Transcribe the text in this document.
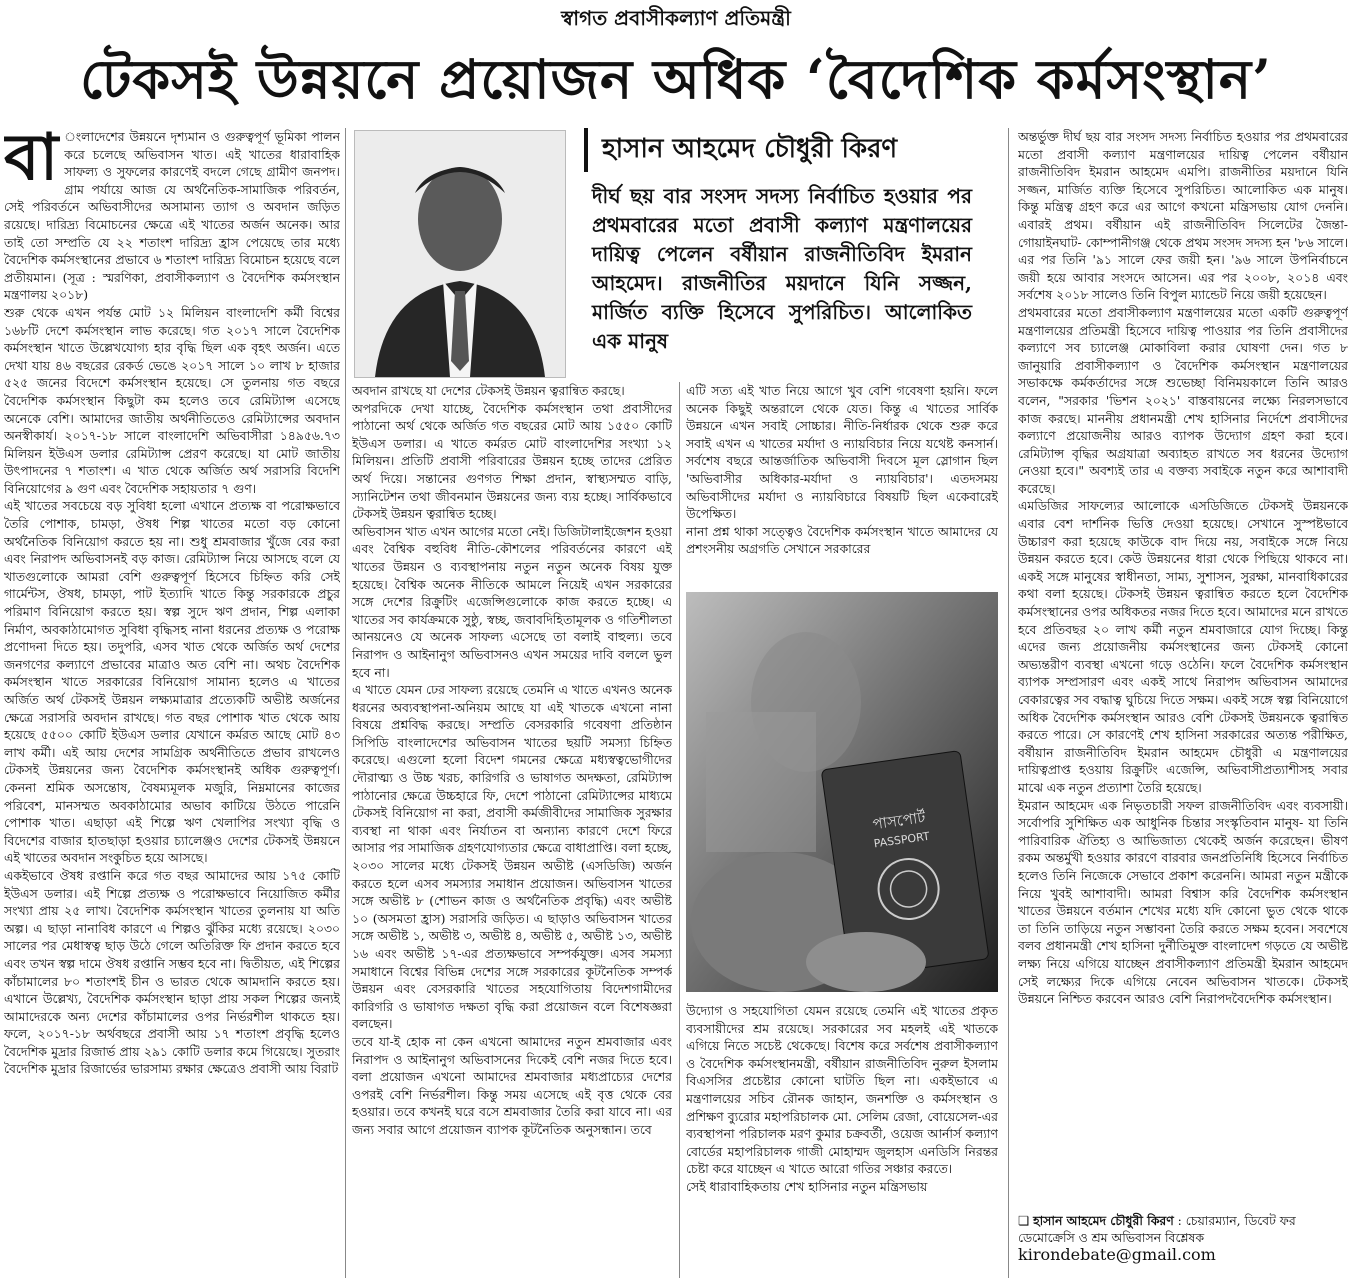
স্বাগত প্রবাসীকল্যাণ প্রতিমন্ত্রী
টেকসই উন্নয়নে প্রয়োজন অধিক ‘বৈদেশিক কর্মসংস্থান’
বা ংলাদেশের উন্নয়নে দৃশ্যমান ও গুরুত্বপূর্ণ ভূমিকা পালন করে চলেছে অভিবাসন খাত। এই খাতের ধারাবাহিক সাফল্য ও সুফলের কারণেই বদলে গেছে গ্রামীণ জনপদ। গ্রাম পর্যায়ে আজ যে অর্থনৈতিক-সামাজিক পরিবর্তন, সেই পরিবর্তনে অভিবাসীদের অসামান্য ত্যাগ ও অবদান জড়িত রয়েছে। দারিদ্র্য বিমোচনের ক্ষেত্রে এই খাতের অর্জন অনেক। আর তাই তো সম্প্রতি যে ২২ শতাংশ দারিদ্র্য হ্রাস পেয়েছে তার মধ্যে বৈদেশিক কর্মসংস্থানের প্রভাবে ৬ শতাংশ দারিদ্র্য বিমোচন হয়েছে বলে প্রতীয়মান। (সূত্র : স্মরণিকা, প্রবাসীকল্যাণ ও বৈদেশিক কর্মসংস্থান মন্ত্রণালয় ২০১৮)

শুরু থেকে এখন পর্যন্ত মোট ১২ মিলিয়ন বাংলাদেশি কর্মী বিশ্বের ১৬৮টি দেশে কর্মসংস্থান লাভ করেছে। গত ২০১৭ সালে বৈদেশিক কর্মসংস্থান খাতে উল্লেখযোগ্য হার বৃদ্ধি ছিল এক বৃহৎ অর্জন। এতে দেখা যায় ৪৬ বছরের রেকর্ড ভেঙে ২০১৭ সালে ১০ লাখ ৮ হাজার ৫২৫ জনের বিদেশে কর্মসংস্থান হয়েছে। সে তুলনায় গত বছরে বৈদেশিক কর্মসংস্থান কিছুটা কম হলেও তবে রেমিট্যান্স এসেছে অনেকে বেশি। আমাদের জাতীয় অর্থনীতিতেও রেমিট্যান্সের অবদান অনস্বীকার্য। ২০১৭-১৮ সালে বাংলাদেশি অভিবাসীরা ১৪৯৫৬.৭৩ মিলিয়ন ইউএস ডলার রেমিট্যান্স প্রেরণ করেছে। যা মোট জাতীয় উৎপাদনের ৭ শতাংশ। এ খাত থেকে অর্জিত অর্থ সরাসরি বিদেশি বিনিয়োগের ৯ গুণ এবং বৈদেশিক সহায়তার ৭ গুণ।

এই খাতের সবচেয়ে বড় সুবিধা হলো এখানে প্রত্যক্ষ বা পরোক্ষভাবে তৈরি পোশাক, চামড়া, ঔষধ শিল্প খাতের মতো বড় কোনো অর্থনৈতিক বিনিয়োগ করতে হয় না। শুধু শ্রমবাজার খুঁজে বের করা এবং নিরাপদ অভিবাসনই বড় কাজ। রেমিট্যান্স নিয়ে আসছে বলে যে খাতগুলোকে আমরা বেশি গুরুত্বপূর্ণ হিসেবে চিহ্নিত করি সেই গার্মেন্টস, ঔষধ, চামড়া, পাট ইত্যাদি খাতে কিন্তু সরকারকে প্রচুর পরিমাণ বিনিয়োগ করতে হয়। স্বল্প সুদে ঋণ প্রদান, শিল্প এলাকা নির্মাণ, অবকাঠামোগত সুবিধা বৃদ্ধিসহ নানা ধরনের প্রত্যক্ষ ও পরোক্ষ প্রণোদনা দিতে হয়। তদুপরি, এসব খাত থেকে অর্জিত অর্থ দেশের জনগণের কল্যাণে প্রভাবের মাত্রাও অত বেশি না। অথচ বৈদেশিক কর্মসংস্থান খাতে সরকারের বিনিয়োগ সামান্য হলেও এ খাতের অর্জিত অর্থ টেকসই উন্নয়ন লক্ষ্যমাত্রার প্রত্যেকটি অভীষ্ট অর্জনের ক্ষেত্রে সরাসরি অবদান রাখছে। গত বছর পোশাক খাত থেকে আয় হয়েছে ৫৫০০ কোটি ইউএস ডলার যেখানে কর্মরত আছে মোট ৪৩ লাখ কর্মী। এই আয় দেশের সামগ্রিক অর্থনীতিতে প্রভাব রাখলেও টেকসই উন্নয়নের জন্য বৈদেশিক কর্মসংস্থানই অধিক গুরুত্বপূর্ণ। কেননা শ্রমিক অসন্তোষ, বৈষম্যমূলক মজুরি, নিম্নমানের কাজের পরিবেশ, মানসম্মত অবকাঠামোর অভাব কাটিয়ে উঠতে পারেনি পোশাক খাত। এছাড়া এই শিল্পে ঋণ খেলাপির সংখ্যা বৃদ্ধি ও বিদেশের বাজার হাতছাড়া হওয়ার চ্যালেঞ্জও দেশের টেকসই উন্নয়নে এই খাতের অবদান সংকুচিত হয়ে আসছে।

একইভাবে ঔষধ রপ্তানি করে গত বছর আমাদের আয় ১৭৫ কোটি ইউএস ডলার। এই শিল্পে প্রত্যক্ষ ও পরোক্ষভাবে নিয়োজিত কর্মীর সংখ্যা প্রায় ২৫ লাখ। বৈদেশিক কর্মসংস্থান খাতের তুলনায় যা অতি অল্প। এ ছাড়া নানাবিধ কারণে এ শিল্পও ঝুঁকির মধ্যে রয়েছে। ২০৩০ সালের পর মেধাস্বত্ব ছাড় উঠে গেলে অতিরিক্ত ফি প্রদান করতে হবে এবং তখন স্বল্প দামে ঔষধ রপ্তানি সম্ভব হবে না। দ্বিতীয়ত, এই শিল্পের কাঁচামালের ৮০ শতাংশই চীন ও ভারত থেকে আমদানি করতে হয়। এখানে উল্লেখ্য, বৈদেশিক কর্মসংস্থান ছাড়া প্রায় সকল শিল্পের জন্যই আমাদেরকে অন্য দেশের কাঁচামালের ওপর নির্ভরশীল থাকতে হয়। ফলে, ২০১৭-১৮ অর্থবছরে প্রবাসী আয় ১৭ শতাংশ প্রবৃদ্ধি হলেও বৈদেশিক মুদ্রার রিজার্ভ প্রায় ২৯১ কোটি ডলার কমে গিয়েছে। সুতরাং বৈদেশিক মুদ্রার রিজার্ভের ভারসাম্য রক্ষার ক্ষেত্রেও প্রবাসী আয় বিরাট

হাসান আহমেদ চৌধুরী কিরণ
দীর্ঘ ছয় বার সংসদ সদস্য নির্বাচিত হওয়ার পর প্রথমবারের মতো প্রবাসী কল্যাণ মন্ত্রণালয়ের দায়িত্ব পেলেন বর্ষীয়ান রাজনীতিবিদ ইমরান আহমেদ। রাজনীতির ময়দানে যিনি সজ্জন, মার্জিত ব্যক্তি হিসেবে সুপরিচিত। আলোকিত এক মানুষ

অবদান রাখছে যা দেশের টেকসই উন্নয়ন ত্বরান্বিত করছে।

অপরদিকে দেখা যাচ্ছে, বৈদেশিক কর্মসংস্থান তথা প্রবাসীদের পাঠানো অর্থ থেকে অর্জিত গত বছরের মোট আয় ১৫৫০ কোটি ইউএস ডলার। এ খাতে কর্মরত মোট বাংলাদেশির সংখ্যা ১২ মিলিয়ন। প্রতিটি প্রবাসী পরিবারের উন্নয়ন হচ্ছে তাদের প্রেরিত অর্থ দিয়ে। সন্তানের গুণগত শিক্ষা প্রদান, স্বাস্থ্যসম্মত বাড়ি, স্যানিটেশন তথা জীবনমান উন্নয়নের জন্য ব্যয় হচ্ছে। সার্বিকভাবে টেকসই উন্নয়ন ত্বরান্বিত হচ্ছে।

অভিবাসন খাত এখন আগের মতো নেই। ডিজিটালাইজেশন হওয়া এবং বৈশ্বিক বহুবিধ নীতি-কৌশলের পরিবর্তনের কারণে এই খাতের উন্নয়ন ও ব্যবস্থাপনায় নতুন নতুন অনেক বিষয় যুক্ত হয়েছে। বৈশ্বিক অনেক নীতিকে আমলে নিয়েই এখন সরকারের সঙ্গে দেশের রিক্রুটিং এজেন্সিগুলোকে কাজ করতে হচ্ছে। এ খাতের সব কার্যক্রমকে সুষ্ঠু, স্বচ্ছ, জবাবদিহিতামূলক ও গতিশীলতা আনয়নেও যে অনেক সাফল্য এসেছে তা বলাই বাহুল্য। তবে নিরাপদ ও আইনানুগ অভিবাসনও এখন সময়ের দাবি বললে ভুল হবে না।

এ খাতে যেমন ঢের সাফল্য রয়েছে তেমনি এ খাতে এখনও অনেক ধরনের অব্যবস্থাপনা-অনিয়ম আছে যা এই খাতকে এখনো নানা বিষয়ে প্রশ্নবিদ্ধ করছে। সম্প্রতি বেসরকারি গবেষণা প্রতিষ্ঠান সিপিডি বাংলাদেশের অভিবাসন খাতের ছয়টি সমস্যা চিহ্নিত করেছে। এগুলো হলো বিদেশ গমনের ক্ষেত্রে মধ্যস্বত্বভোগীদের দৌরাত্ম্য ও উচ্চ খরচ, কারিগরি ও ভাষাগত অদক্ষতা, রেমিট্যান্স পাঠানোর ক্ষেত্রে উচ্চহারে ফি, দেশে পাঠানো রেমিট্যান্সের মাধ্যমে টেকসই বিনিয়োগ না করা, প্রবাসী কর্মজীবীদের সামাজিক সুরক্ষার ব্যবস্থা না থাকা এবং নির্যাতন বা অন্যান্য কারণে দেশে ফিরে আসার পর সামাজিক গ্রহণযোগ্যতার ক্ষেত্রে বাধাপ্রাপ্তি। বলা হচ্ছে, ২০৩০ সালের মধ্যে টেকসই উন্নয়ন অভীষ্ট (এসডিজি) অর্জন করতে হলে এসব সমস্যার সমাধান প্রয়োজন। অভিবাসন খাতের সঙ্গে অভীষ্ট ৮ (শোভন কাজ ও অর্থনৈতিক প্রবৃদ্ধি) এবং অভীষ্ট ১০ (অসমতা হ্রাস) সরাসরি জড়িত। এ ছাড়াও অভিবাসন খাতের সঙ্গে অভীষ্ট ১, অভীষ্ট ৩, অভীষ্ট ৪, অভীষ্ট ৫, অভীষ্ট ১৩, অভীষ্ট ১৬ এবং অভীষ্ট ১৭-এর প্রত্যক্ষভাবে সম্পর্কযুক্ত। এসব সমস্যা সমাধানে বিশ্বের বিভিন্ন দেশের সঙ্গে সরকারের কূটনৈতিক সম্পর্ক উন্নয়ন এবং বেসরকারি খাতের সহযোগিতায় বিদেশগামীদের কারিগরি ও ভাষাগত দক্ষতা বৃদ্ধি করা প্রয়োজন বলে বিশেষজ্ঞরা বলছেন।

তবে যা-ই হোক না কেন এখনো আমাদের নতুন শ্রমবাজার এবং নিরাপদ ও আইনানুগ অভিবাসনের দিকেই বেশি নজর দিতে হবে। বলা প্রয়োজন এখনো আমাদের শ্রমবাজার মধ্যপ্রাচ্যের দেশের ওপরই বেশি নির্ভরশীল। কিন্তু সময় এসেছে এই বৃত্ত থেকে বের হওয়ার। তবে কখনই ঘরে বসে শ্রমবাজার তৈরি করা যাবে না। এর জন্য সবার আগে প্রয়োজন ব্যাপক কূটনৈতিক অনুসন্ধান। তবে

এটি সত্য এই খাত নিয়ে আগে খুব বেশি গবেষণা হয়নি। ফলে অনেক কিছুই অন্তরালে থেকে যেত। কিন্তু এ খাতের সার্বিক উন্নয়নে এখন সবাই সোচ্চার। নীতি-নির্ধারক থেকে শুরু করে সবাই এখন এ খাতের মর্যাদা ও ন্যায়বিচার নিয়ে যথেষ্ট কনসার্ন। সর্বশেষ বছরে আন্তর্জাতিক অভিবাসী দিবসে মূল স্লোগান ছিল 'অভিবাসীর অধিকার-মর্যাদা ও ন্যায়বিচার'। এতদসময় অভিবাসীদের মর্যাদা ও ন্যায়বিচারে বিষয়টি ছিল একেবারেই উপেক্ষিত।

নানা প্রশ্ন থাকা সত্ত্বেও বৈদেশিক কর্মসংস্থান খাতে আমাদের যে প্রশংসনীয় অগ্রগতি সেখানে সরকারের

পাসপোর্ট
PASSPORT

উদ্যোগ ও সহযোগিতা যেমন রয়েছে তেমনি এই খাতের প্রকৃত ব্যবসায়ীদের শ্রম রয়েছে। সরকারের সব মহলই এই খাতকে এগিয়ে নিতে সচেষ্ট থেকেছে। বিশেষ করে সর্বশেষ প্রবাসীকল্যাণ ও বৈদেশিক কর্মসংস্থানমন্ত্রী, বর্ষীয়ান রাজনীতিবিদ নুরুল ইসলাম বিএসসির প্রচেষ্টার কোনো ঘাটতি ছিল না। একইভাবে এ মন্ত্রণালয়ের সচিব রৌনক জাহান, জনশক্তি ও কর্মসংস্থান ও প্রশিক্ষণ ব্যুরোর মহাপরিচালক মো. সেলিম রেজা, বোয়েসেল-এর ব্যবস্থাপনা পরিচালক মরণ কুমার চক্রবর্তী, ওয়েজ আর্নার্স কল্যাণ বোর্ডের মহাপরিচালক গাজী মোহাম্মদ জুলহাস এনডিসি নিরন্তর চেষ্টা করে যাচ্ছেন এ খাতে আরো গতির সঞ্চার করতে।

সেই ধারাবাহিকতায় শেখ হাসিনার নতুন মন্ত্রিসভায়

অন্তর্ভুক্ত দীর্ঘ ছয় বার সংসদ সদস্য নির্বাচিত হওয়ার পর প্রথমবারের মতো প্রবাসী কল্যাণ মন্ত্রণালয়ের দায়িত্ব পেলেন বর্ষীয়ান রাজনীতিবিদ ইমরান আহমেদ এমপি। রাজনীতির ময়দানে যিনি সজ্জন, মার্জিত ব্যক্তি হিসেবে সুপরিচিত। আলোকিত এক মানুষ। কিন্তু মন্ত্রিত্ব গ্রহণ করে এর আগে কখনো মন্ত্রিসভায় যোগ দেননি। এবারই প্রথম। বর্ষীয়ান এই রাজনীতিবিদ সিলেটের জৈন্তা- গোয়াইনঘাট- কোম্পানীগঞ্জ থেকে প্রথম সংসদ সদস্য হন '৮৬ সালে। এর পর তিনি '৯১ সালে ফের জয়ী হন। '৯৬ সালে উপনির্বাচনে জয়ী হয়ে আবার সংসদে আসেন। এর পর ২০০৮, ২০১৪ এবং সর্বশেষ ২০১৮ সালেও তিনি বিপুল ম্যান্ডেট নিয়ে জয়ী হয়েছেন।

প্রথমবারের মতো প্রবাসীকল্যাণ মন্ত্রণালয়ের মতো একটি গুরুত্বপূর্ণ মন্ত্রণালয়ের প্রতিমন্ত্রী হিসেবে দায়িত্ব পাওয়ার পর তিনি প্রবাসীদের কল্যাণে সব চ্যালেঞ্জ মোকাবিলা করার ঘোষণা দেন। গত ৮ জানুয়ারি প্রবাসীকল্যাণ ও বৈদেশিক কর্মসংস্থান মন্ত্রণালয়ের সভাকক্ষে কর্মকর্তাদের সঙ্গে শুভেচ্ছা বিনিময়কালে তিনি আরও বলেন, "সরকার 'ভিশন ২০২১' বাস্তবায়নের লক্ষ্যে নিরলসভাবে কাজ করছে। মাননীয় প্রধানমন্ত্রী শেখ হাসিনার নির্দেশে প্রবাসীদের কল্যাণে প্রয়োজনীয় আরও ব্যাপক উদ্যোগ গ্রহণ করা হবে। রেমিট্যান্স বৃদ্ধির অগ্রযাত্রা অব্যাহত রাখতে সব ধরনের উদ্যোগ নেওয়া হবে।" অবশ্যই তার এ বক্তব্য সবাইকে নতুন করে আশাবাদী করেছে।

এমডিজির সাফল্যের আলোকে এসডিজিতে টেকসই উন্নয়নকে এবার বেশ দার্শনিক ভিত্তি দেওয়া হয়েছে। সেখানে সুস্পষ্টভাবে উচ্চারণ করা হয়েছে কাউকে বাদ দিয়ে নয়, সবাইকে সঙ্গে নিয়ে উন্নয়ন করতে হবে। কেউ উন্নয়নের ধারা থেকে পিছিয়ে থাকবে না। একই সঙ্গে মানুষের স্বাধীনতা, সাম্য, সুশাসন, সুরক্ষা, মানবাধিকারের কথা বলা হয়েছে। টেকসই উন্নয়ন ত্বরান্বিত করতে হলে বৈদেশিক কর্মসংস্থানের ওপর অধিকতর নজর দিতে হবে। আমাদের মনে রাখতে হবে প্রতিবছর ২০ লাখ কর্মী নতুন শ্রমবাজারে যোগ দিচ্ছে। কিন্তু এদের জন্য প্রয়োজনীয় কর্মসংস্থানের জন্য টেকসই কোনো অভ্যন্তরীণ ব্যবস্থা এখনো গড়ে ওঠেনি। ফলে বৈদেশিক কর্মসংস্থান ব্যাপক সম্প্রসারণ এবং একই সাথে নিরাপদ অভিবাসন আমাদের বেকারত্বের সব বদ্ধাত্ব ঘুচিয়ে দিতে সক্ষম। একই সঙ্গে স্বল্প বিনিয়োগে অধিক বৈদেশিক কর্মসংস্থান আরও বেশি টেকসই উন্নয়নকে ত্বরান্বিত করতে পারে। সে কারণেই শেখ হাসিনা সরকারের অত্যন্ত পরীক্ষিত, বর্ষীয়ান রাজনীতিবিদ ইমরান আহমেদ চৌধুরী এ মন্ত্রণালয়ের দায়িত্বপ্রাপ্ত হওয়ায় রিক্রুটিং এজেন্সি, অভিবাসীপ্রত্যাশীসহ সবার মাঝে এক নতুন প্রত্যাশা তৈরি হয়েছে।

ইমরান আহমেদ এক নিভৃতচারী সফল রাজনীতিবিদ এবং ব্যবসায়ী। সর্বোপরি সুশিক্ষিত এক আধুনিক চিন্তার সংস্কৃতিবান মানুষ- যা তিনি পারিবারিক ঐতিহ্য ও আভিজাত্য থেকেই অর্জন করেছেন। ভীষণ রকম অন্তর্মুখী হওয়ার কারণে বারবার জনপ্রতিনিধি হিসেবে নির্বাচিত হলেও তিনি নিজেকে সেভাবে প্রকাশ করেননি। আমরা নতুন মন্ত্রীকে নিয়ে খুবই আশাবাদী। আমরা বিশ্বাস করি বৈদেশিক কর্মসংস্থান খাতের উন্নয়নে বর্তমান শেখের মধ্যে যদি কোনো ভুত থেকে থাকে তা তিনি তাড়িয়ে নতুন সম্ভাবনা তৈরি করতে সক্ষম হবেন। সবশেষে বলব প্রধানমন্ত্রী শেখ হাসিনা দুর্নীতিমুক্ত বাংলাদেশ গড়তে যে অভীষ্ট লক্ষ্য নিয়ে এগিয়ে যাচ্ছেন প্রবাসীকল্যাণ প্রতিমন্ত্রী ইমরান আহমেদ সেই লক্ষ্যের দিকে এগিয়ে নেবেন অভিবাসন খাতকে। টেকসই উন্নয়নে নিশ্চিত করবেন আরও বেশি নিরাপদবৈদেশিক কর্মসংস্থান।

❏ হাসান আহমেদ চৌধুরী কিরণ : চেয়ারম্যান, ডিবেট ফর ডেমোক্রেসি ও শ্রম অভিবাসন বিশ্লেষক
kirondebate@gmail.com
